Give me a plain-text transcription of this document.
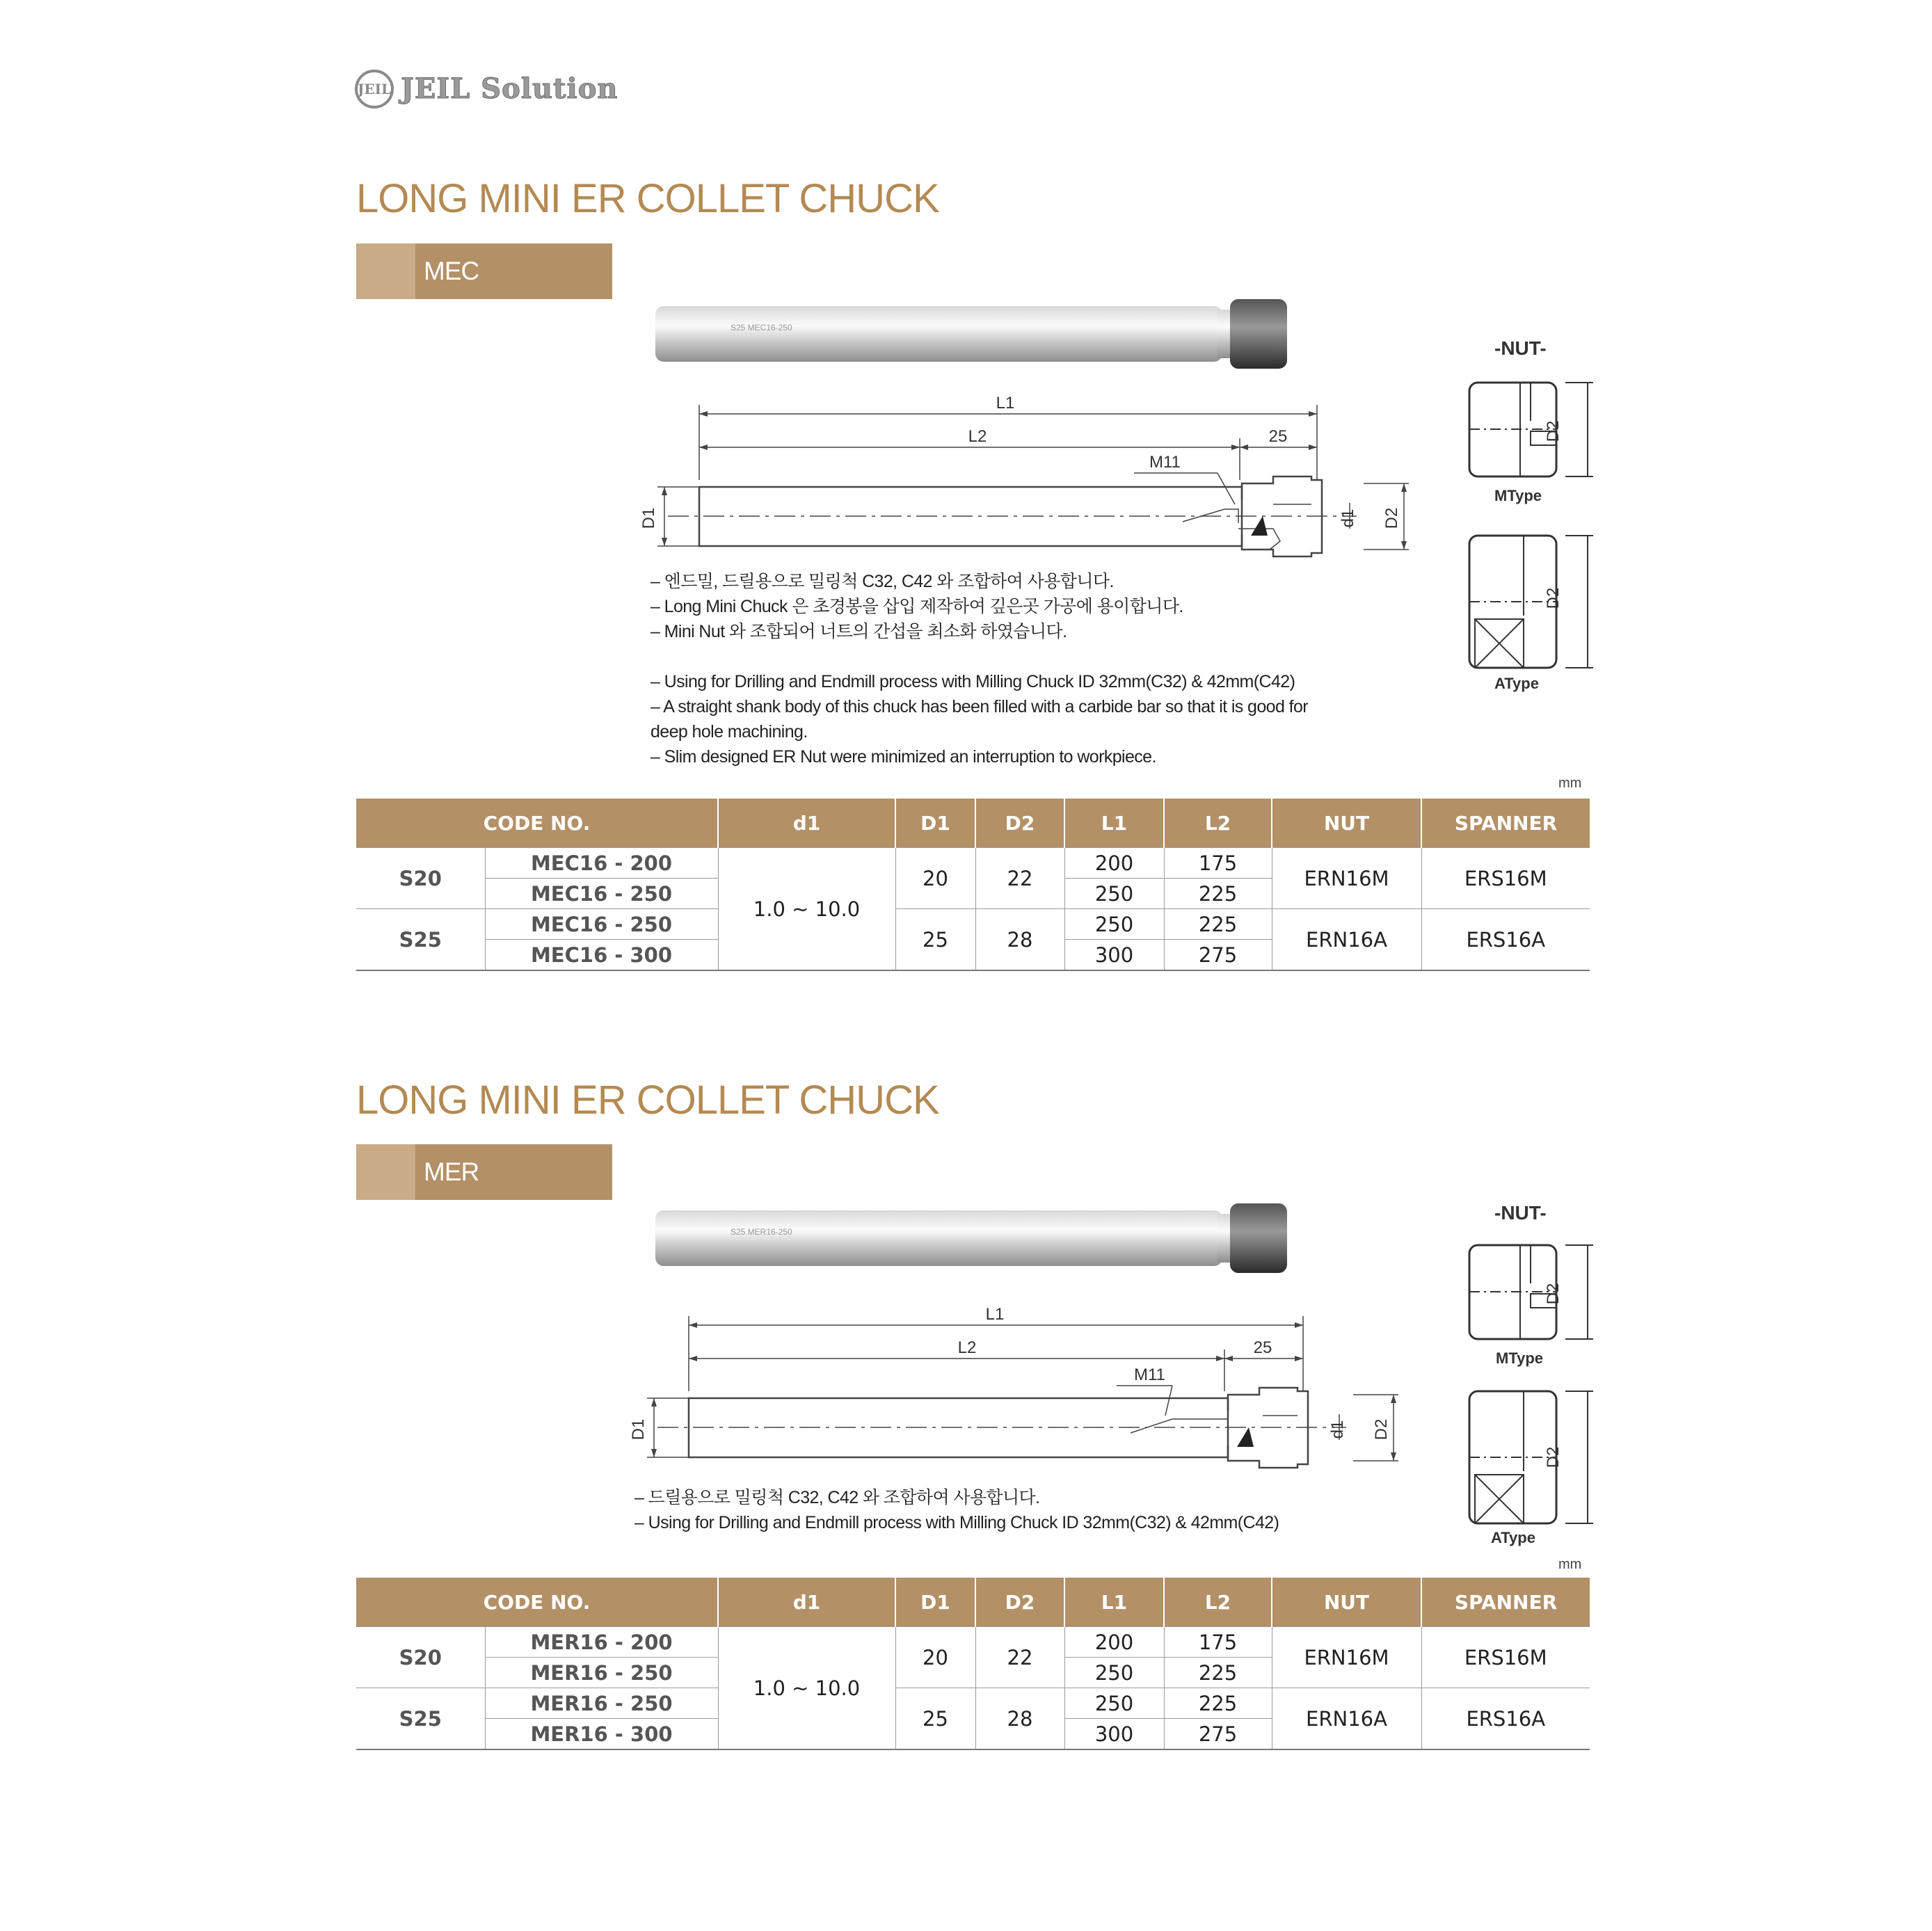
JEIL JEIL Solution
LONG MINI ER COLLET CHUCK
MEC
S25 MEC16-250
L1
L2	25
M11
D1	d1 D2
-NUT-
D2
MType
D2
AType

– 엔드밀, 드릴용으로 밀링척 C32, C42 와 조합하여 사용합니다.

– Long Mini Chuck 은 초경봉을 삽입 제작하여 깊은곳 가공에 용이합니다.

– Mini Nut 와 조합되어 너트의 간섭을 최소화 하였습니다.

– Using for Drilling and Endmill process with Milling Chuck ID 32mm(C32) & 42mm(C42)

– A straight shank body of this chuck has been filled with a carbide bar so that it is good for

deep hole machining.

– Slim designed ER Nut were minimized an interruption to workpiece.

mm
CODE NO.		d1	D1	D2	L1	L2	NUT	SPANNER
S20	MEC16 - 200	1.0 ~ 10.0	20	22	200	175	ERN16M	ERS16M
	MEC16 - 250				250	225		
S25	MEC16 - 250		25	28	250	225	ERN16A	ERS16A
	MEC16 - 300				300	275		
LONG MINI ER COLLET CHUCK
MER
S25 MER16-250
L1
L2	25
M11
D1	d1 D2
-NUT-
D2
MType
D2
AType

– 드릴용으로 밀링척 C32, C42 와 조합하여 사용합니다.

– Using for Drilling and Endmill process with Milling Chuck ID 32mm(C32) & 42mm(C42)

mm
CODE NO.		d1	D1	D2	L1	L2	NUT	SPANNER
S20	MER16 - 200	1.0 ~ 10.0	20	22	200	175	ERN16M	ERS16M
	MER16 - 250				250	225		
S25	MER16 - 250		25	28	250	225	ERN16A	ERS16A
	MER16 - 300				300	275		
